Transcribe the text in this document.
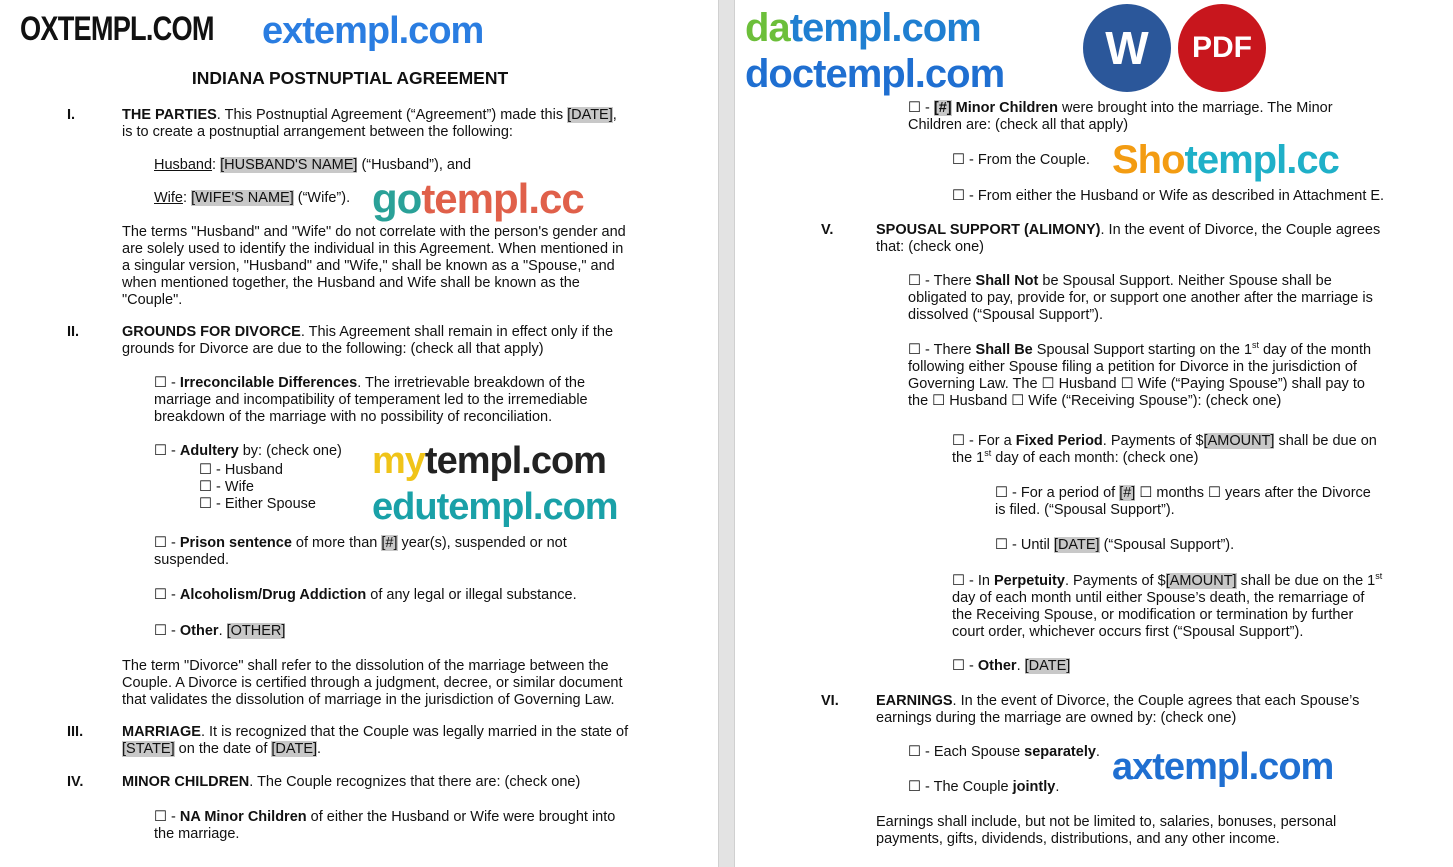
INDIANA POSTNUPTIAL AGREEMENT
THE PARTIES. This Postnuptial Agreement (“Agreement”) made this [DATE],
is to create a postnuptial arrangement between the following:
Husband: [HUSBAND'S NAME] (“Husband”), and
Wife: [WIFE'S NAME] (“Wife”).
The terms "Husband" and "Wife" do not correlate with the person's gender and
are solely used to identify the individual in this Agreement. When mentioned in
a singular version, "Husband" and "Wife," shall be known as a "Spouse," and
when mentioned together, the Husband and Wife shall be known as the
"Couple".
GROUNDS FOR DIVORCE. This Agreement shall remain in effect only if the
grounds for Divorce are due to the following: (check all that apply)
☐ - Irreconcilable Differences. The irretrievable breakdown of the
marriage and incompatibility of temperament led to the irremediable
breakdown of the marriage with no possibility of reconciliation.
☐ - Adultery by: (check one)
☐ - Husband
☐ - Wife
☐ - Either Spouse
☐ - Prison sentence of more than [#] year(s), suspended or not
suspended.
☐ - Alcoholism/Drug Addiction of any legal or illegal substance.
☐ - Other. [OTHER]
The term "Divorce" shall refer to the dissolution of the marriage between the
Couple. A Divorce is certified through a judgment, decree, or similar document
that validates the dissolution of marriage in the jurisdiction of Governing Law.
MARRIAGE. It is recognized that the Couple was legally married in the state of
[STATE] on the date of [DATE].
MINOR CHILDREN. The Couple recognizes that there are: (check one)
☐ - NA Minor Children of either the Husband or Wife were brought into
the marriage.
I.
II.
III.
IV.
☐ - [#] Minor Children were brought into the marriage. The Minor
Children are: (check all that apply)
☐ - From the Couple.
☐ - From either the Husband or Wife as described in Attachment E.
SPOUSAL SUPPORT (ALIMONY). In the event of Divorce, the Couple agrees
that: (check one)
☐ - There Shall Not be Spousal Support. Neither Spouse shall be
obligated to pay, provide for, or support one another after the marriage is
dissolved (“Spousal Support”).
☐ - There Shall Be Spousal Support starting on the 1st day of the month
following either Spouse filing a petition for Divorce in the jurisdiction of
Governing Law. The ☐ Husband ☐ Wife (“Paying Spouse”) shall pay to
the ☐ Husband ☐ Wife (“Receiving Spouse”): (check one)
☐ - For a Fixed Period. Payments of $[AMOUNT] shall be due on
the 1st day of each month: (check one)
☐ - For a period of [#] ☐ months ☐ years after the Divorce
is filed. (“Spousal Support”).
☐ - Until [DATE] (“Spousal Support”).
☐ - In Perpetuity. Payments of $[AMOUNT] shall be due on the 1st
day of each month until either Spouse’s death, the remarriage of
the Receiving Spouse, or modification or termination by further
court order, whichever occurs first (“Spousal Support”).
☐ - Other. [DATE]
EARNINGS. In the event of Divorce, the Couple agrees that each Spouse’s
earnings during the marriage are owned by: (check one)
☐ - Each Spouse separately.
☐ - The Couple jointly.
Earnings shall include, but not be limited to, salaries, bonuses, personal
payments, gifts, dividends, distributions, and any other income.
V.
VI.
W PDF
gotempl.cc
OXTEMPL.COM
mytempl.com
edutempl.com
extempl.com
Shotempl.cc
datempl.com
doctempl.com
axtempl.com
